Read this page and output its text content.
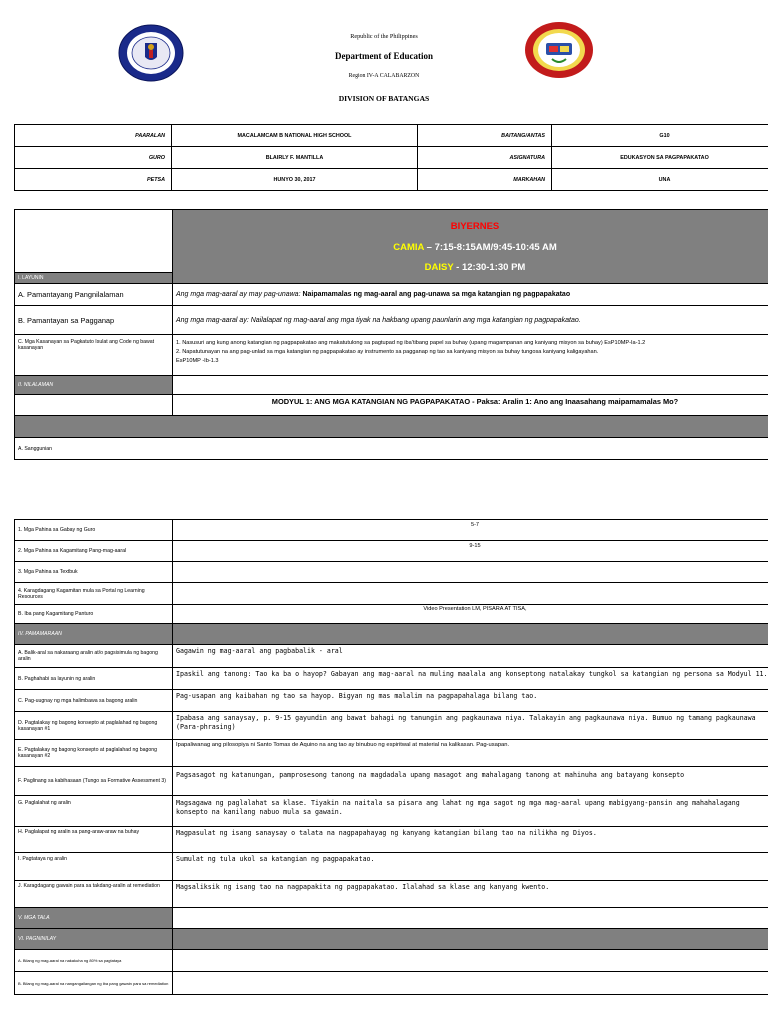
Republic of the Philippines
Department of Education
Region IV-A CALABARZON
DIVISION OF BATANGAS
PAARALAN	MACALAMCAM B NATIONAL HIGH SCHOOL	BAITANG/ANTAS	G10
GURO	BLAIRLY F. MANTILLA	ASIGNATURA	EDUKASYON SA PAGPAPAKATAO
PETSA	HUNYO 30, 2017	MARKAHAN	UNA

	BIYERNES
CAMIA – 7:15-8:15AM/9:45-10:45 AM
DAISY - 12:30-1:30 PM

I. LAYUNIN	
A. Pamantayang Pangnilalaman	Ang mga mag-aaral ay may pag-unawa: Naipamamalas ng mag-aaral ang pag-unawa sa mga katangian ng pagpapakatao
B. Pamantayan sa Pagganap	Ang mga mag-aaral ay: Nailalapat ng mag-aaral ang mga tiyak na hakbang upang paunlarin ang mga katangian ng pagpapakatao.
C. Mga Kasanayan sa Pagkatuto Isulat ang Code ng bawat kasanayan	1. Nasusuri ang kung anong katangian ng pagpapakatao ang makatutulong sa pagtupad ng iba’tibang papel sa buhay (upang magampanan ang kaniyang misyon sa buhay) EsP10MP-Ia-1.2
2. Napatutunayan na ang pag-unlad sa mga katangian ng pagpapakatao ay instrumento sa pagganap ng tao sa kaniyang misyon sa buhay tungosa kaniyang kaligayahan.
EsP10MP -Ib-1.3

II. NILALAMAN	
	MODYUL 1: ANG MGA KATANGIAN NG PAGPAPAKATAO - Paksa: Aralin 1: Ano ang Inaasahang maipamamalas Mo?

A. Sanggunian	
1. Mga Pahina sa Gabay ng Guro	5-7
2. Mga Pahina sa Kagamitang Pang-mag-aaral	9-15
3. Mga Pahina sa Textbuk	
4. Karagdagang Kagamitan mula sa Portal ng Learning Resources	
B. Iba pang Kagamitang Panturo	Video Presentation LM, PISARA AT TISA,
IV. PAMAMARAAN	
A. Balik-aral sa nakaraang aralin at/o pagsisimula ng bagong aralin	Gagawin ng mag-aaral ang pagbabalik - aral
B. Paghahabi sa layunin ng aralin	Ipaskil ang tanong: Tao ka ba o hayop? Gabayan ang mag-aaral na muling maalala ang konseptong natalakay tungkol sa katangian ng persona sa Modyul 11.
C. Pag-uugnay ng mga halimbawa sa bagong aralin	Pag-usapan ang kaibahan ng tao sa hayop. Bigyan ng mas malalim na pagpapahalaga bilang tao.
D. Pagtalakay ng bagong konsepto at paglalahad ng bagong kasanayan #1	Ipabasa ang sanaysay, p. 9-15 gayundin ang bawat bahagi ng tanungin ang pagkaunawa niya. Talakayin ang pagkaunawa niya. Bumuo ng tamang pagkaunawa (Para-phrasing)
E. Pagtalakay ng bagong konsepto at paglalahad ng bagong kasanayan #2	Ipapaliwanag ang pilosopiya ni Santo Tomas de Aquino na ang tao ay binubuo ng espiritwal at material na kalikasan. Pag-usapan.
F. Paglinang sa kabihasaan (Tungo sa Formative Assessment 3)	Pagsasagot ng katanungan, pamprosesong tanong na magdadala upang masagot ang mahalagang tanong at mahinuha ang batayang konsepto
G. Paglalahat ng aralin	Magsagawa ng paglalahat sa klase. Tiyakin na naitala sa pisara ang lahat ng mga sagot ng mga mag-aaral upang mabigyang-pansin ang mahahalagang konsepto na kanilang nabuo mula sa gawain.
H. Paglalapat ng aralin sa pang-araw-araw na buhay	Magpasulat ng isang sanaysay o talata na nagpapahayag ng kanyang katangian bilang tao na nilikha ng Diyos.
I. Pagtataya ng aralin	Sumulat ng tula ukol sa katangian ng pagpapakatao.
J. Karagdagang gawain para sa takdang-aralin at remediation	Magsaliksik ng isang tao na nagpapakita ng pagpapakatao. Ilalahad sa klase ang kanyang kwento.
V. MGA TALA	
VI. PAGNINILAY	
A. Bilang ng mag-aaral na nakakuha ng 80% sa pagtataya	
B. Bilang ng mag-aaral na nangangailangan ng iba pang gawain para sa remediation	
